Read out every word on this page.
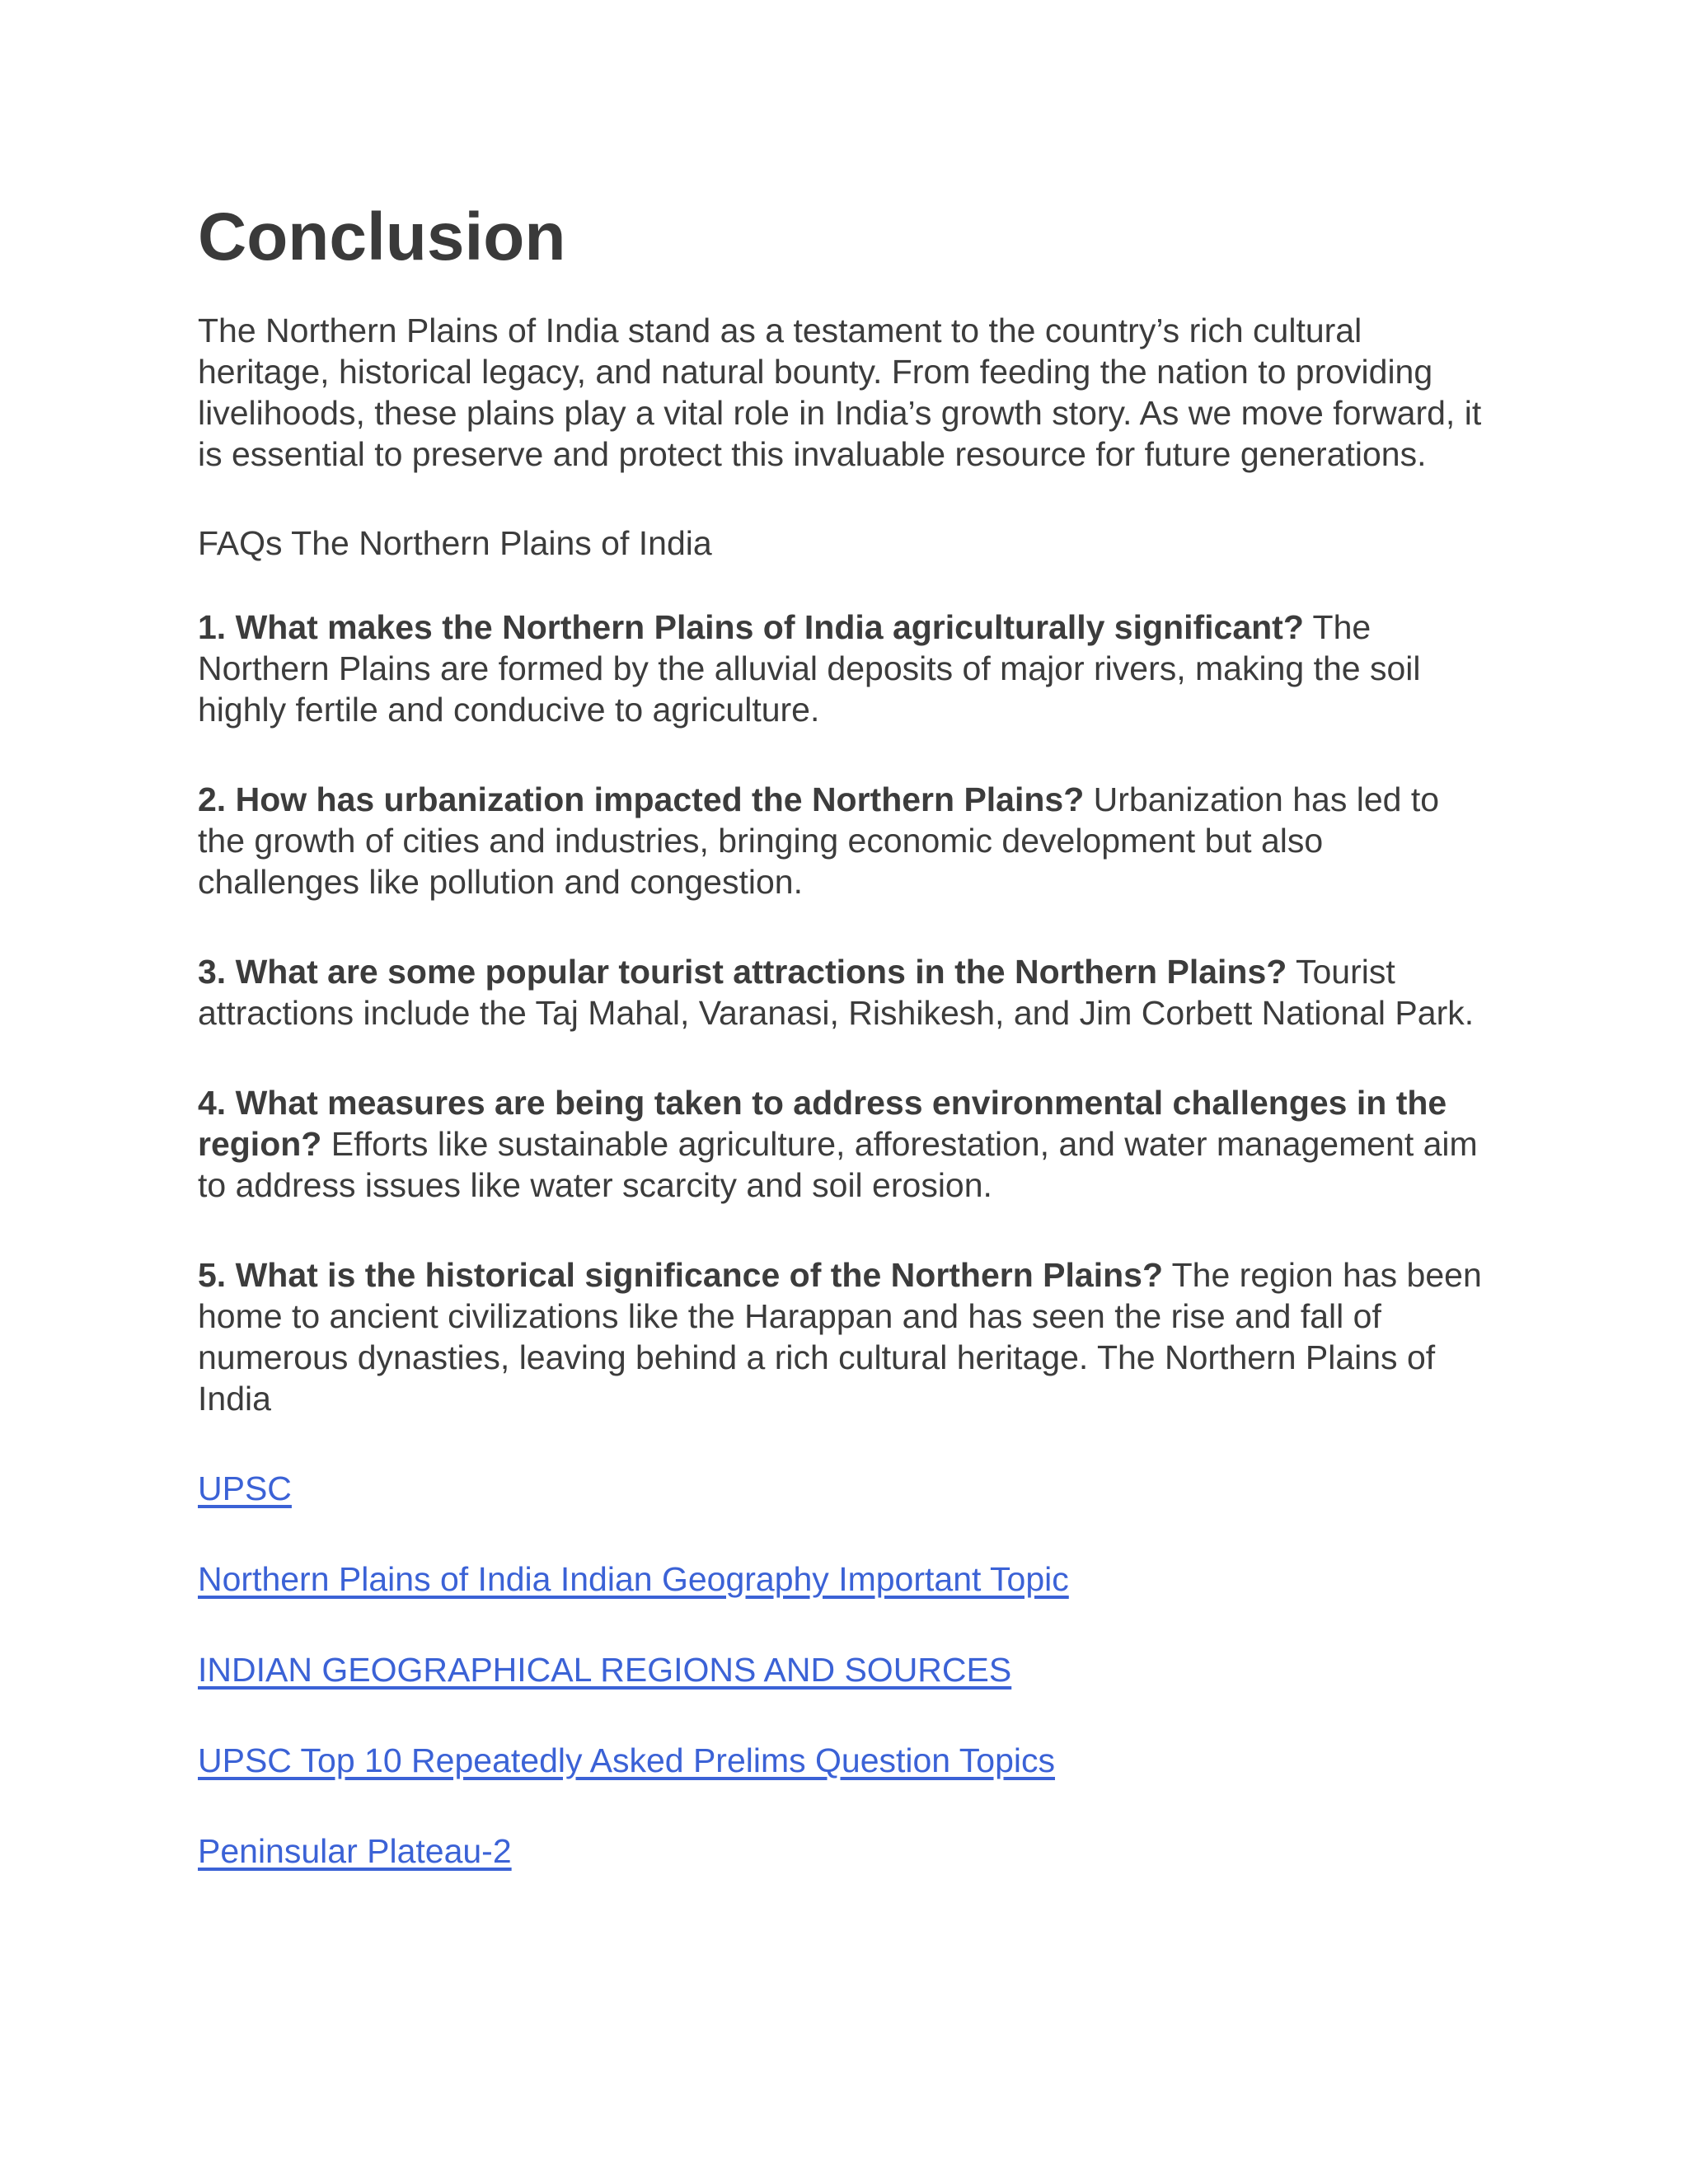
Conclusion

The Northern Plains of India stand as a testament to the country’s rich cultural heritage, historical legacy, and natural bounty. From feeding the nation to providing livelihoods, these plains play a vital role in India’s growth story. As we move forward, it is essential to preserve and protect this invaluable resource for future generations.

FAQs The Northern Plains of India

1. What makes the Northern Plains of India agriculturally significant? The Northern Plains are formed by the alluvial deposits of major rivers, making the soil highly fertile and conducive to agriculture.
2. How has urbanization impacted the Northern Plains? Urbanization has led to the growth of cities and industries, bringing economic development but also challenges like pollution and congestion.
3. What are some popular tourist attractions in the Northern Plains? Tourist attractions include the Taj Mahal, Varanasi, Rishikesh, and Jim Corbett National Park.
4. What measures are being taken to address environmental challenges in the region? Efforts like sustainable agriculture, afforestation, and water management aim to address issues like water scarcity and soil erosion.
5. What is the historical significance of the Northern Plains? The region has been home to ancient civilizations like the Harappan and has seen the rise and fall of numerous dynasties, leaving behind a rich cultural heritage. The Northern Plains of India
UPSC
Northern Plains of India Indian Geography Important Topic
INDIAN GEOGRAPHICAL REGIONS AND SOURCES
UPSC Top 10 Repeatedly Asked Prelims Question Topics
Peninsular Plateau-2
